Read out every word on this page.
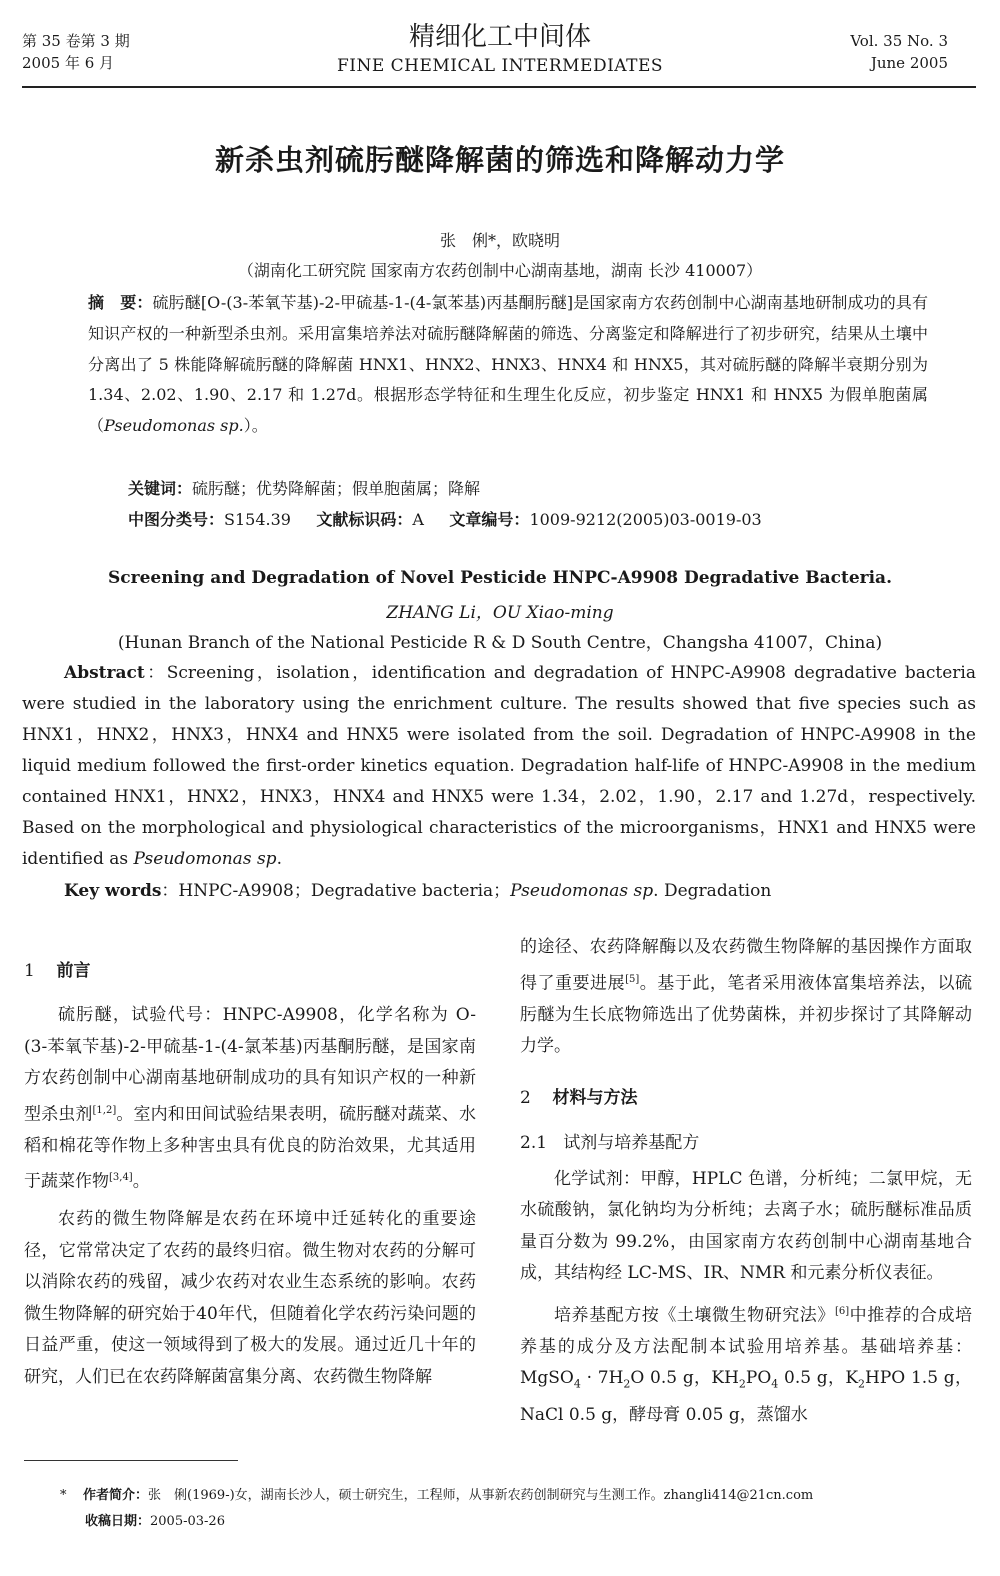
第 35 卷第 3 期
2005 年 6 月
精细化工中间体
FINE CHEMICAL INTERMEDIATES
Vol. 35 No. 3
June 2005
新杀虫剂硫肟醚降解菌的筛选和降解动力学
张　俐*，欧晓明
（湖南化工研究院 国家南方农药创制中心湖南基地，湖南 长沙 410007）
摘　要：硫肟醚[O-(3-苯氧苄基)-2-甲硫基-1-(4-氯苯基)丙基酮肟醚]是国家南方农药创制中心湖南基地研制成功的具有知识产权的一种新型杀虫剂。采用富集培养法对硫肟醚降解菌的筛选、分离鉴定和降解进行了初步研究，结果从土壤中分离出了 5 株能降解硫肟醚的降解菌 HNX1、HNX2、HNX3、HNX4 和 HNX5，其对硫肟醚的降解半衰期分别为 1.34、2.02、1.90、2.17 和 1.27d。根据形态学特征和生理生化反应，初步鉴定 HNX1 和 HNX5 为假单胞菌属（Pseudomonas sp.）。
关键词：硫肟醚；优势降解菌；假单胞菌属；降解
中图分类号：S154.39 文献标识码：A 文章编号：1009-9212(2005)03-0019-03
Screening and Degradation of Novel Pesticide HNPC-A9908 Degradative Bacteria.
ZHANG Li，OU Xiao-ming
(Hunan Branch of the National Pesticide R & D South Centre，Changsha 41007，China)
Abstract：Screening，isolation，identification and degradation of HNPC-A9908 degradative bacteria were studied in the laboratory using the enrichment culture. The results showed that five species such as HNX1，HNX2，HNX3，HNX4 and HNX5 were isolated from the soil. Degradation of HNPC-A9908 in the liquid medium followed the first-order kinetics equation. Degradation half-life of HNPC-A9908 in the medium contained HNX1，HNX2，HNX3，HNX4 and HNX5 were 1.34，2.02，1.90，2.17 and 1.27d，respectively. Based on the morphological and physiological characteristics of the microorganisms，HNX1 and HNX5 were identified as Pseudomonas sp.
Key words：HNPC-A9908；Degradative bacteria；Pseudomonas sp. Degradation
1 前言

硫肟醚，试验代号：HNPC-A9908，化学名称为 O-(3-苯氧苄基)-2-甲硫基-1-(4-氯苯基)丙基酮肟醚，是国家南方农药创制中心湖南基地研制成功的具有知识产权的一种新型杀虫剂[1,2]。室内和田间试验结果表明，硫肟醚对蔬菜、水稻和棉花等作物上多种害虫具有优良的防治效果，尤其适用于蔬菜作物[3,4]。

农药的微生物降解是农药在环境中迁延转化的重要途径，它常常决定了农药的最终归宿。微生物对农药的分解可以消除农药的残留，减少农药对农业生态系统的影响。农药微生物降解的研究始于40年代，但随着化学农药污染问题的日益严重，使这一领域得到了极大的发展。通过近几十年的研究，人们已在农药降解菌富集分离、农药微生物降解

的途径、农药降解酶以及农药微生物降解的基因操作方面取得了重要进展[5]。基于此，笔者采用液体富集培养法，以硫肟醚为生长底物筛选出了优势菌株，并初步探讨了其降解动力学。

2 材料与方法
2.1 试剂与培养基配方

化学试剂：甲醇，HPLC 色谱，分析纯；二氯甲烷，无水硫酸钠，氯化钠均为分析纯；去离子水；硫肟醚标准品质量百分数为 99.2%，由国家南方农药创制中心湖南基地合成，其结构经 LC-MS、IR、NMR 和元素分析仪表征。

培养基配方按《土壤微生物研究法》[6]中推荐的合成培养基的成分及方法配制本试验用培养基。基础培养基：MgSO$_4$ · $7H_2O$ 0.5 g，$KH_2PO_4$ 0.5 g，$K_2HPO$ 1.5 g，NaCl 0.5 g，酵母膏 0.05 g，蒸馏水

* 作者简介：张　俐(1969-)女，湖南长沙人，硕士研究生，工程师，从事新农药创制研究与生测工作。zhangli414@21cn.com
收稿日期：2005-03-26
